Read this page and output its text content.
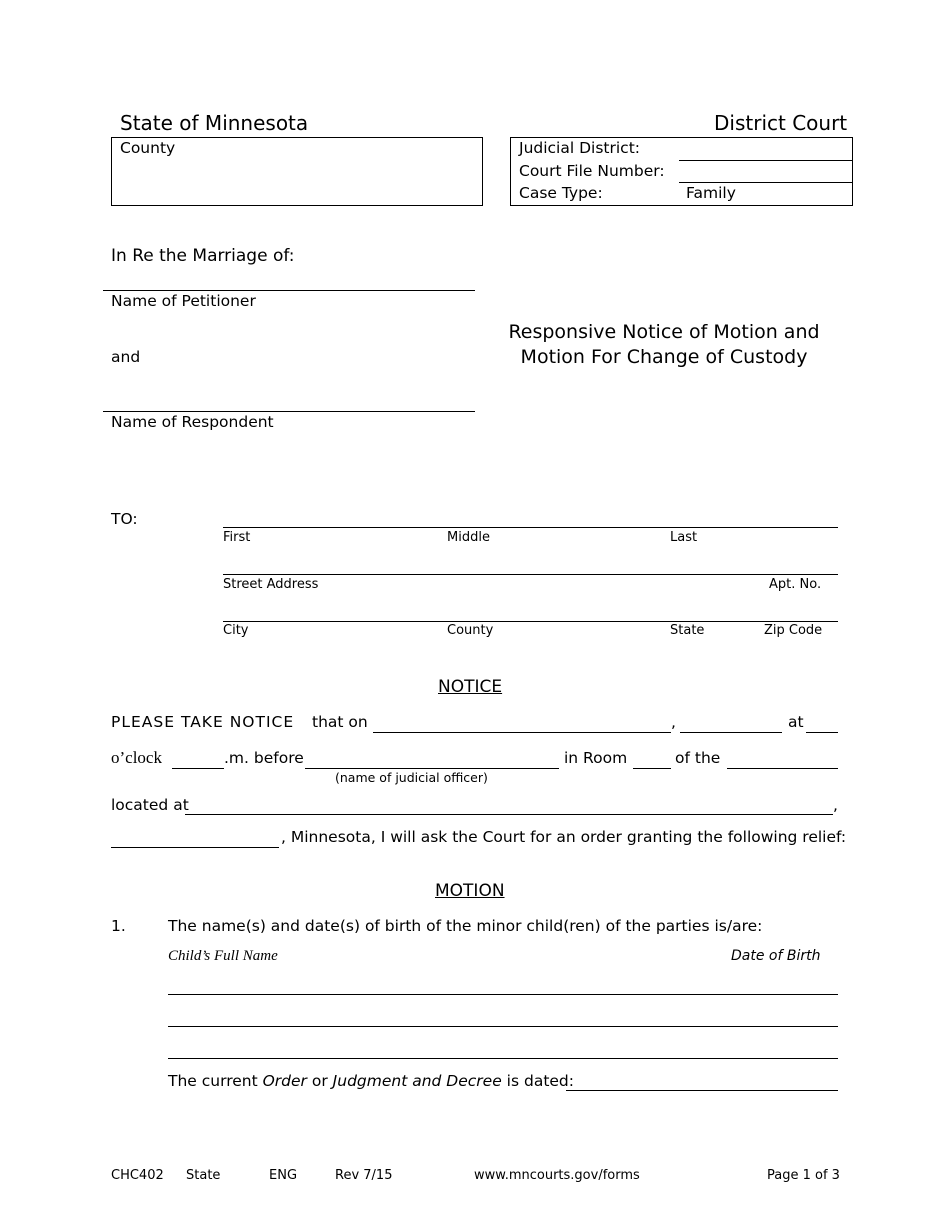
State of Minnesota	District Court
County	Judicial District:
Court File Number:
Case Type:	Family
In Re the Marriage of:
Name of Petitioner
and
Name of Respondent
Responsive Notice of Motion and
Motion For Change of Custody
TO:
First	Middle	Last
Street Address	Apt. No.
City	County	State	Zip Code
NOTICE
PLEASE TAKE NOTICE that on	,	at
o’clock	.m. before	in Room	of the
(name of judicial officer)
located at	,
, Minnesota, I will ask the Court for an order granting the following relief:
MOTION
1.	The name(s) and date(s) of birth of the minor child(ren) of the parties is/are:
Child’s Full Name	Date of Birth
The current Order or Judgment and Decree is dated:
CHC402 State	ENG	Rev 7/15	www.mncourts.gov/forms	Page 1 of 3
